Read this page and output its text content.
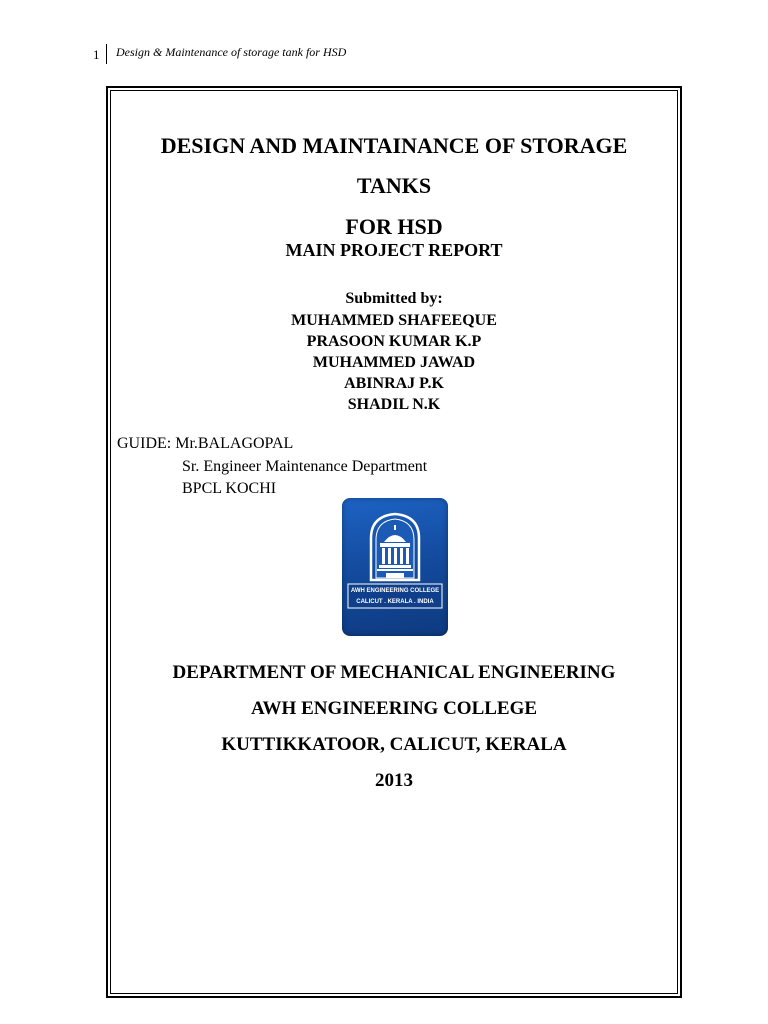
1 Design & Maintenance of storage tank for HSD
DESIGN AND MAINTAINANCE OF STORAGE
TANKS
FOR HSD
MAIN PROJECT REPORT
Submitted by:
MUHAMMED SHAFEEQUE
PRASOON KUMAR K.P
MUHAMMED JAWAD
ABINRAJ P.K
SHADIL N.K
GUIDE: Mr.BALAGOPAL
Sr. Engineer Maintenance Department
BPCL KOCHI
AWH ENGINEERING COLLEGE
CALICUT . KERALA . INDIA
DEPARTMENT OF MECHANICAL ENGINEERING
AWH ENGINEERING COLLEGE
KUTTIKKATOOR, CALICUT, KERALA
2013
